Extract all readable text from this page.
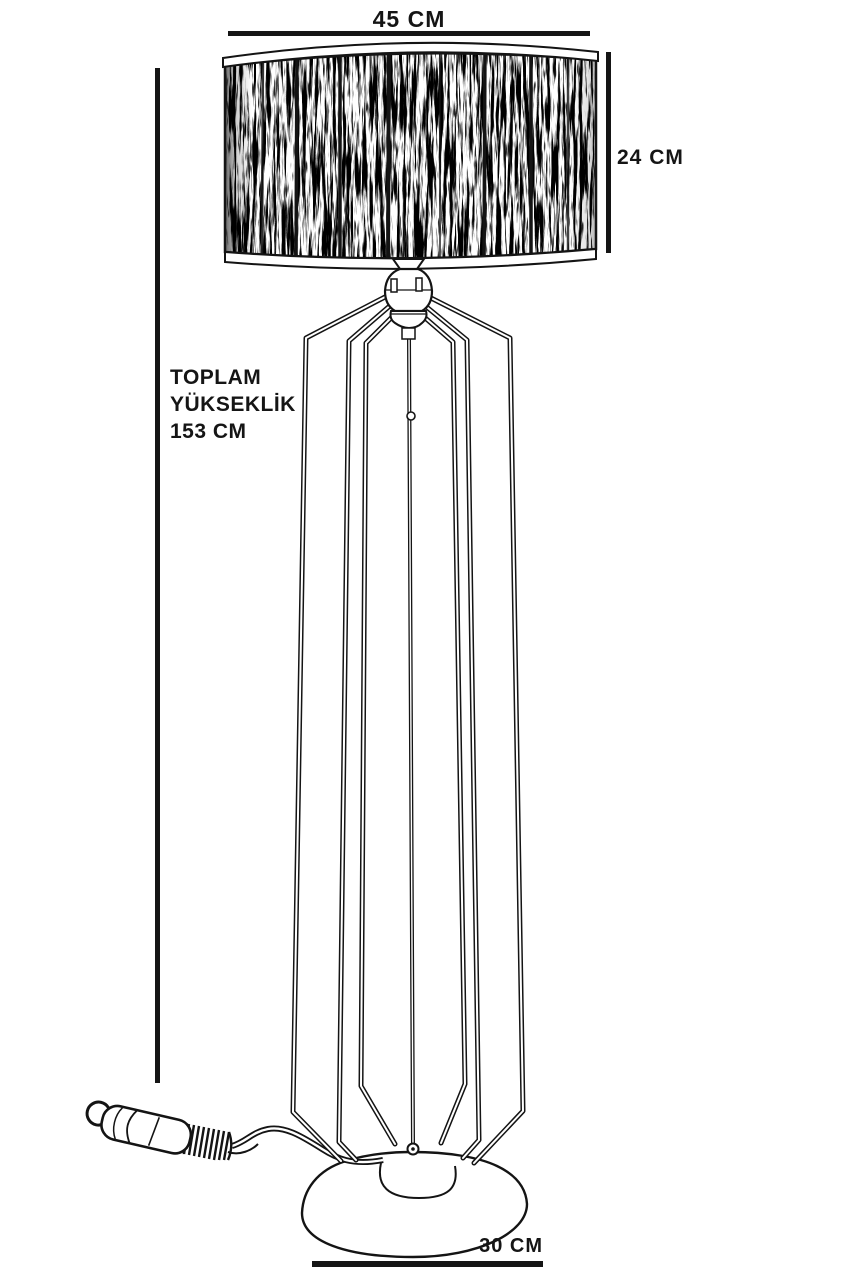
45 CM
24 CM
TOPLAM
YÜKSEKLİK
153 CM
30 CM
